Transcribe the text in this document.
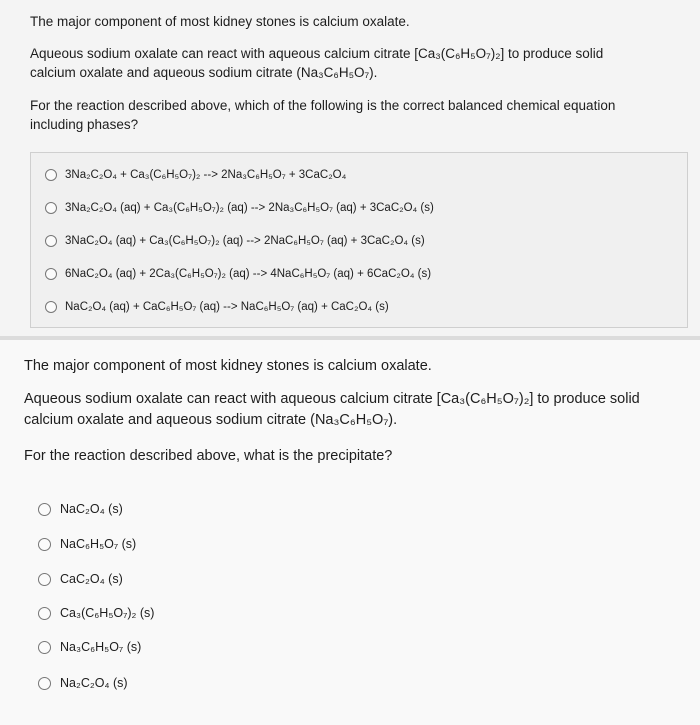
The major component of most kidney stones is calcium oxalate.
Aqueous sodium oxalate can react with aqueous calcium citrate [Ca₃(C₆H₅O₇)₂] to produce solid
calcium oxalate and aqueous sodium citrate (Na₃C₆H₅O₇).
For the reaction described above, which of the following is the correct balanced chemical equation
including phases?
3Na₂C₂O₄ + Ca₃(C₆H₅O₇)₂ --> 2Na₃C₆H₅O₇ + 3CaC₂O₄
3Na₂C₂O₄ (aq) + Ca₃(C₆H₅O₇)₂ (aq) --> 2Na₃C₆H₅O₇ (aq) + 3CaC₂O₄ (s)
3NaC₂O₄ (aq) + Ca₃(C₆H₅O₇)₂ (aq) --> 2NaC₆H₅O₇ (aq) + 3CaC₂O₄ (s)
6NaC₂O₄ (aq) + 2Ca₃(C₆H₅O₇)₂ (aq) --> 4NaC₆H₅O₇ (aq) + 6CaC₂O₄ (s)
NaC₂O₄ (aq) + CaC₆H₅O₇ (aq) --> NaC₆H₅O₇ (aq) + CaC₂O₄ (s)
The major component of most kidney stones is calcium oxalate.
Aqueous sodium oxalate can react with aqueous calcium citrate [Ca₃(C₆H₅O₇)₂] to produce solid
calcium oxalate and aqueous sodium citrate (Na₃C₆H₅O₇).
For the reaction described above, what is the precipitate?
NaC₂O₄ (s)
NaC₆H₅O₇ (s)
CaC₂O₄ (s)
Ca₃(C₆H₅O₇)₂ (s)
Na₃C₆H₅O₇ (s)
Na₂C₂O₄ (s)
